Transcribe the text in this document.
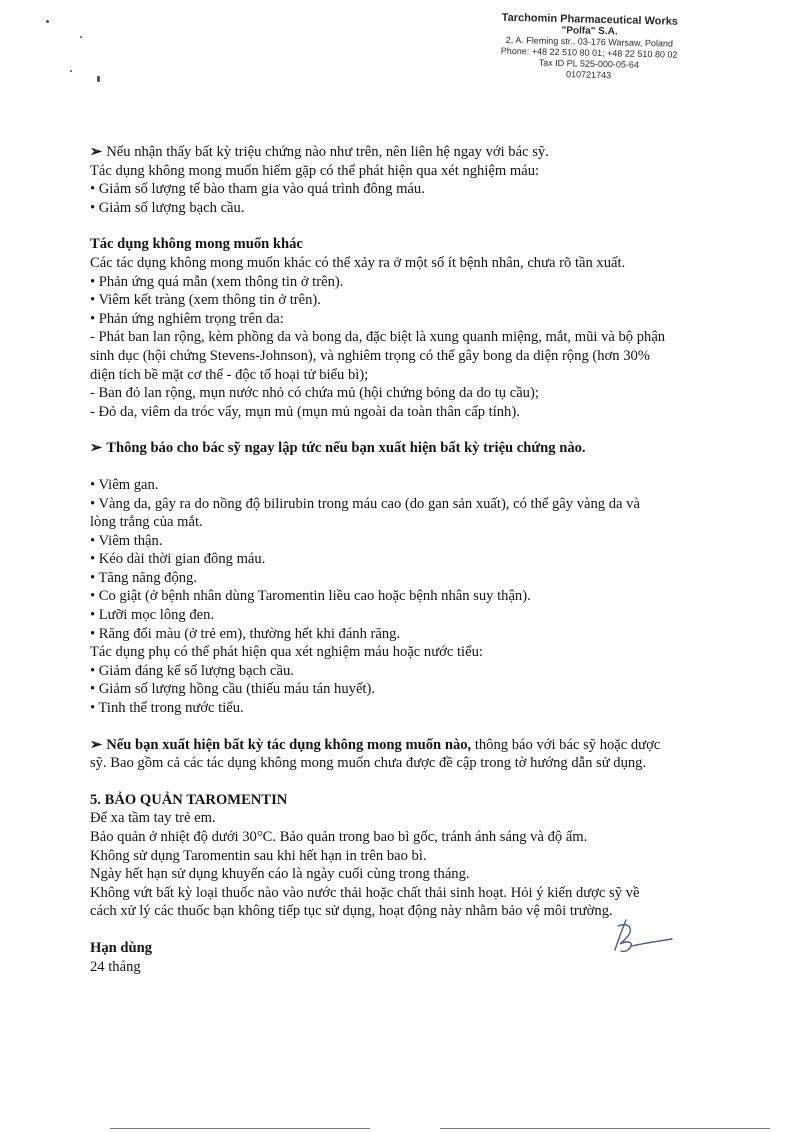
Tarchomin Pharmaceutical Works
"Polfa" S.A.
2, A. Fleming str., 03-176 Warsaw, Poland
Phone: +48 22 510 80 01; +48 22 510 80 02
Tax ID PL 525-000-05-64
010721743

➢ Nếu nhận thấy bất kỳ triệu chứng nào như trên, nên liên hệ ngay với bác sỹ.

Tác dụng không mong muốn hiếm gặp có thể phát hiện qua xét nghiệm máu:

• Giảm số lượng tế bào tham gia vào quá trình đông máu.

• Giảm số lượng bạch cầu.

Tác dụng không mong muốn khác

Các tác dụng không mong muốn khác có thể xảy ra ở một số ít bệnh nhân, chưa rõ tần xuất.

• Phản ứng quá mẫn (xem thông tin ở trên).

• Viêm kết tràng (xem thông tin ở trên).

• Phản ứng nghiêm trọng trên da:

- Phát ban lan rộng, kèm phồng da và bong da, đặc biệt là xung quanh miệng, mắt, mũi và bộ phận

sinh dục (hội chứng Stevens-Johnson), và nghiêm trọng có thể gây bong da diện rộng (hơn 30%

diện tích bề mặt cơ thể - độc tố hoại tử biểu bì);

- Ban đỏ lan rộng, mụn nước nhỏ có chứa mủ (hội chứng bỏng da do tụ cầu);

- Đỏ da, viêm da tróc vẩy, mụn mủ (mụn mủ ngoài da toàn thân cấp tính).

➢ Thông báo cho bác sỹ ngay lập tức nếu bạn xuất hiện bất kỳ triệu chứng nào.

• Viêm gan.

• Vàng da, gây ra do nồng độ bilirubin trong máu cao (do gan sản xuất), có thể gây vàng da và

lòng trắng của mắt.

• Viêm thận.

• Kéo dài thời gian đông máu.

• Tăng năng động.

• Co giật (ở bệnh nhân dùng Taromentin liều cao hoặc bệnh nhân suy thận).

• Lưỡi mọc lông đen.

• Răng đổi màu (ở trẻ em), thường hết khi đánh răng.

Tác dụng phụ có thể phát hiện qua xét nghiệm máu hoặc nước tiểu:

• Giảm đáng kể số lượng bạch cầu.

• Giảm số lượng hồng cầu (thiếu máu tán huyết).

• Tinh thể trong nước tiểu.

➢ Nếu bạn xuất hiện bất kỳ tác dụng không mong muốn nào, thông báo với bác sỹ hoặc dược

sỹ. Bao gồm cả các tác dụng không mong muốn chưa được đề cập trong tờ hướng dẫn sử dụng.

5. BẢO QUẢN TAROMENTIN

Để xa tầm tay trẻ em.

Bảo quản ở nhiệt độ dưới 30°C. Bảo quản trong bao bì gốc, tránh ánh sáng và độ ẩm.

Không sử dụng Taromentin sau khi hết hạn in trên bao bì.

Ngày hết hạn sử dụng khuyến cáo là ngày cuối cùng trong tháng.

Không vứt bất kỳ loại thuốc nào vào nước thải hoặc chất thải sinh hoạt. Hỏi ý kiến dược sỹ về

cách xử lý các thuốc bạn không tiếp tục sử dụng, hoạt động này nhằm bảo vệ môi trường.

Hạn dùng

24 tháng
